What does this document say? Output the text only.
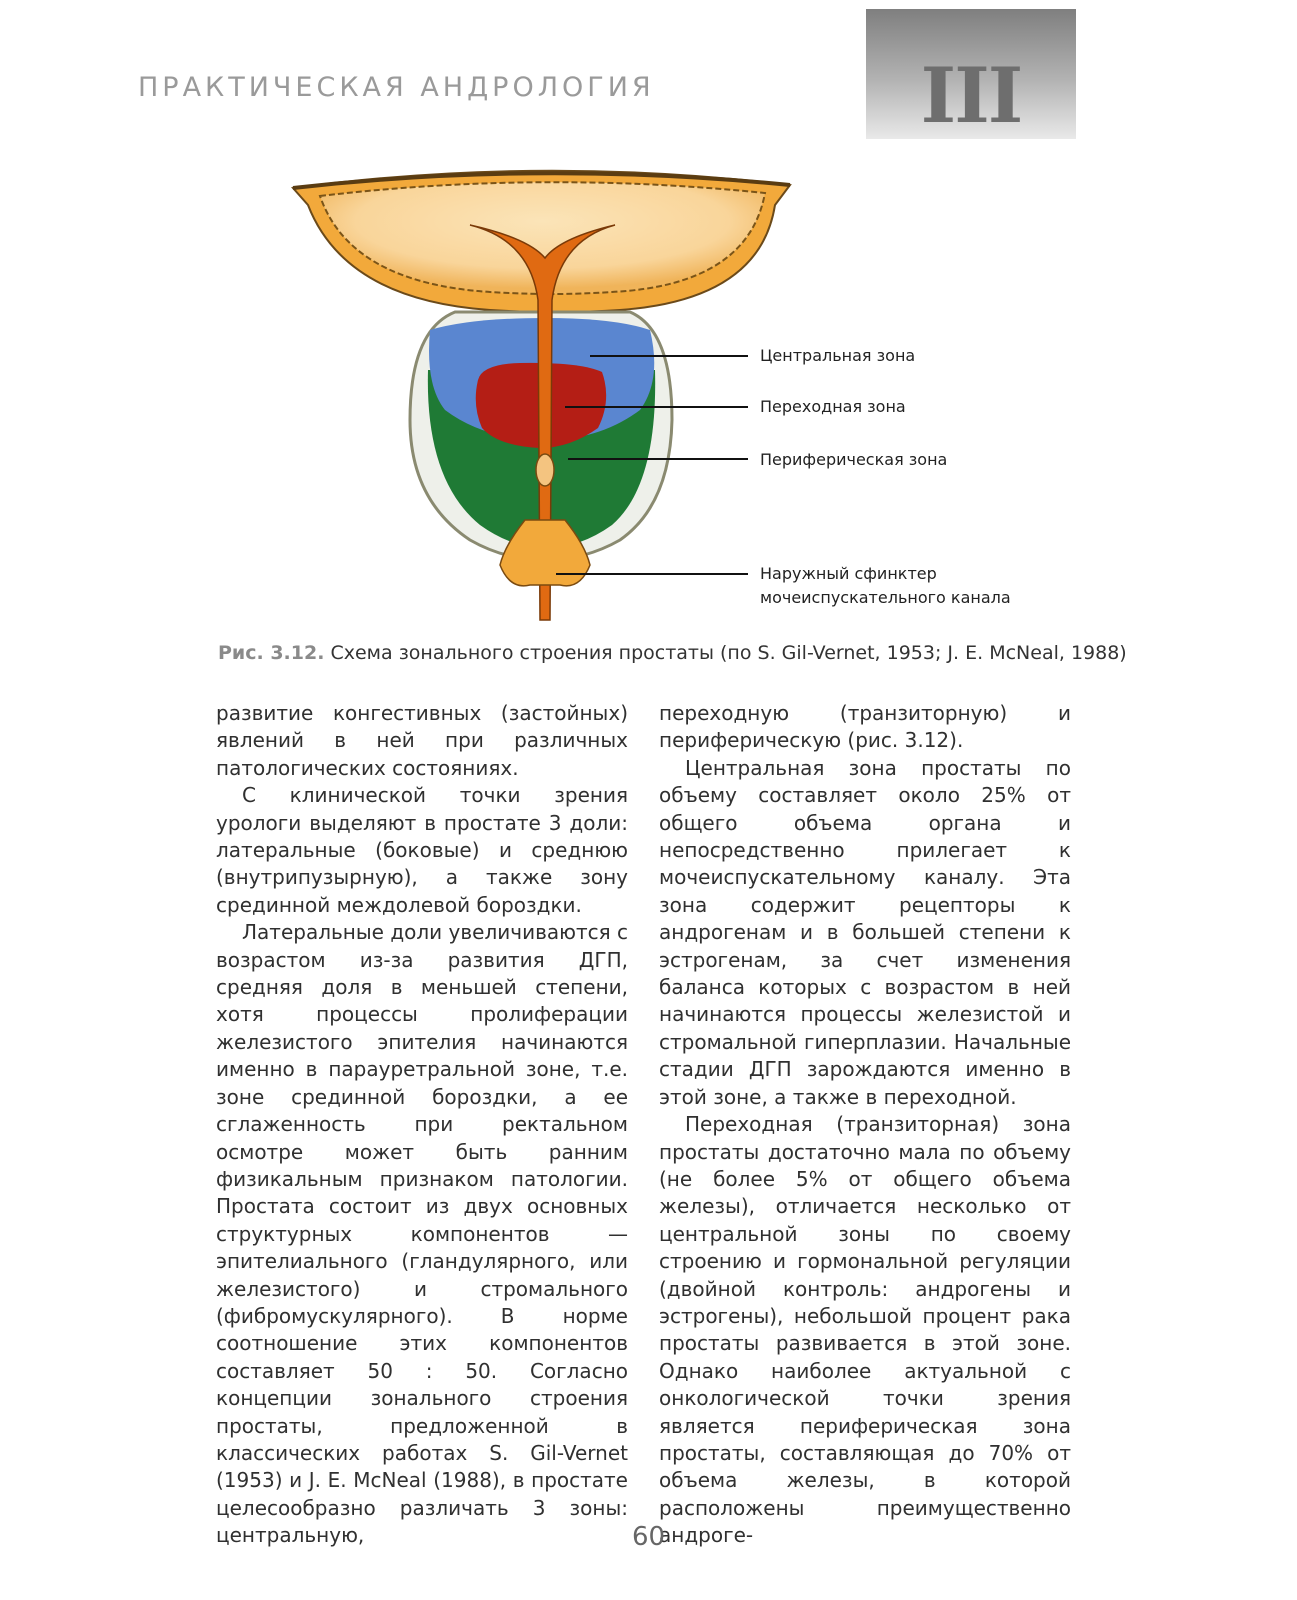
ПРАКТИЧЕСКАЯ АНДРОЛОГИЯ	III
Центральная зона
Переходная зона
Периферическая зона
Наружный сфинктер
мочеиспускательного канала
Рис. 3.12. Схема зонального строения простаты (по S. Gil-Vernet, 1953; J. E. McNeal, 1988)

развитие конгестивных (застойных) явлений в ней при различных патологических состояниях.

С клинической точки зрения урологи выделяют в простате 3 доли: латеральные (боковые) и среднюю (внутрипузырную), а также зону срединной междолевой бороздки.

Латеральные доли увеличиваются с возрастом из-за развития ДГП, средняя доля в меньшей степени, хотя процессы пролиферации железистого эпителия начинаются именно в парауретральной зоне, т.е. зоне срединной бороздки, а ее сглаженность при ректальном осмотре может быть ранним физикальным признаком патологии. Простата состоит из двух основных структурных компонентов — эпителиального (гландулярного, или железистого) и стромального (фибромускулярного). В норме соотношение этих компонентов составляет 50 : 50. Согласно концепции зонального строения простаты, предложенной в классических работах S. Gil-Vernet (1953) и J. E. McNeal (1988), в простате целесообразно различать 3 зоны: центральную,

переходную (транзиторную) и периферическую (рис. 3.12).

Центральная зона простаты по объему составляет около 25% от общего объема органа и непосредственно прилегает к мочеиспускательному каналу. Эта зона содержит рецепторы к андрогенам и в большей степени к эстрогенам, за счет изменения баланса которых с возрастом в ней начинаются процессы железистой и стромальной гиперплазии. Начальные стадии ДГП зарождаются именно в этой зоне, а также в переходной.

Переходная (транзиторная) зона простаты достаточно мала по объему (не более 5% от общего объема железы), отличается несколько от центральной зоны по своему строению и гормональной регуляции (двойной контроль: андрогены и эстрогены), небольшой процент рака простаты развивается в этой зоне. Однако наиболее актуальной с онкологической точки зрения является периферическая зона простаты, составляющая до 70% от объема железы, в которой расположены преимущественно андроге-

60
